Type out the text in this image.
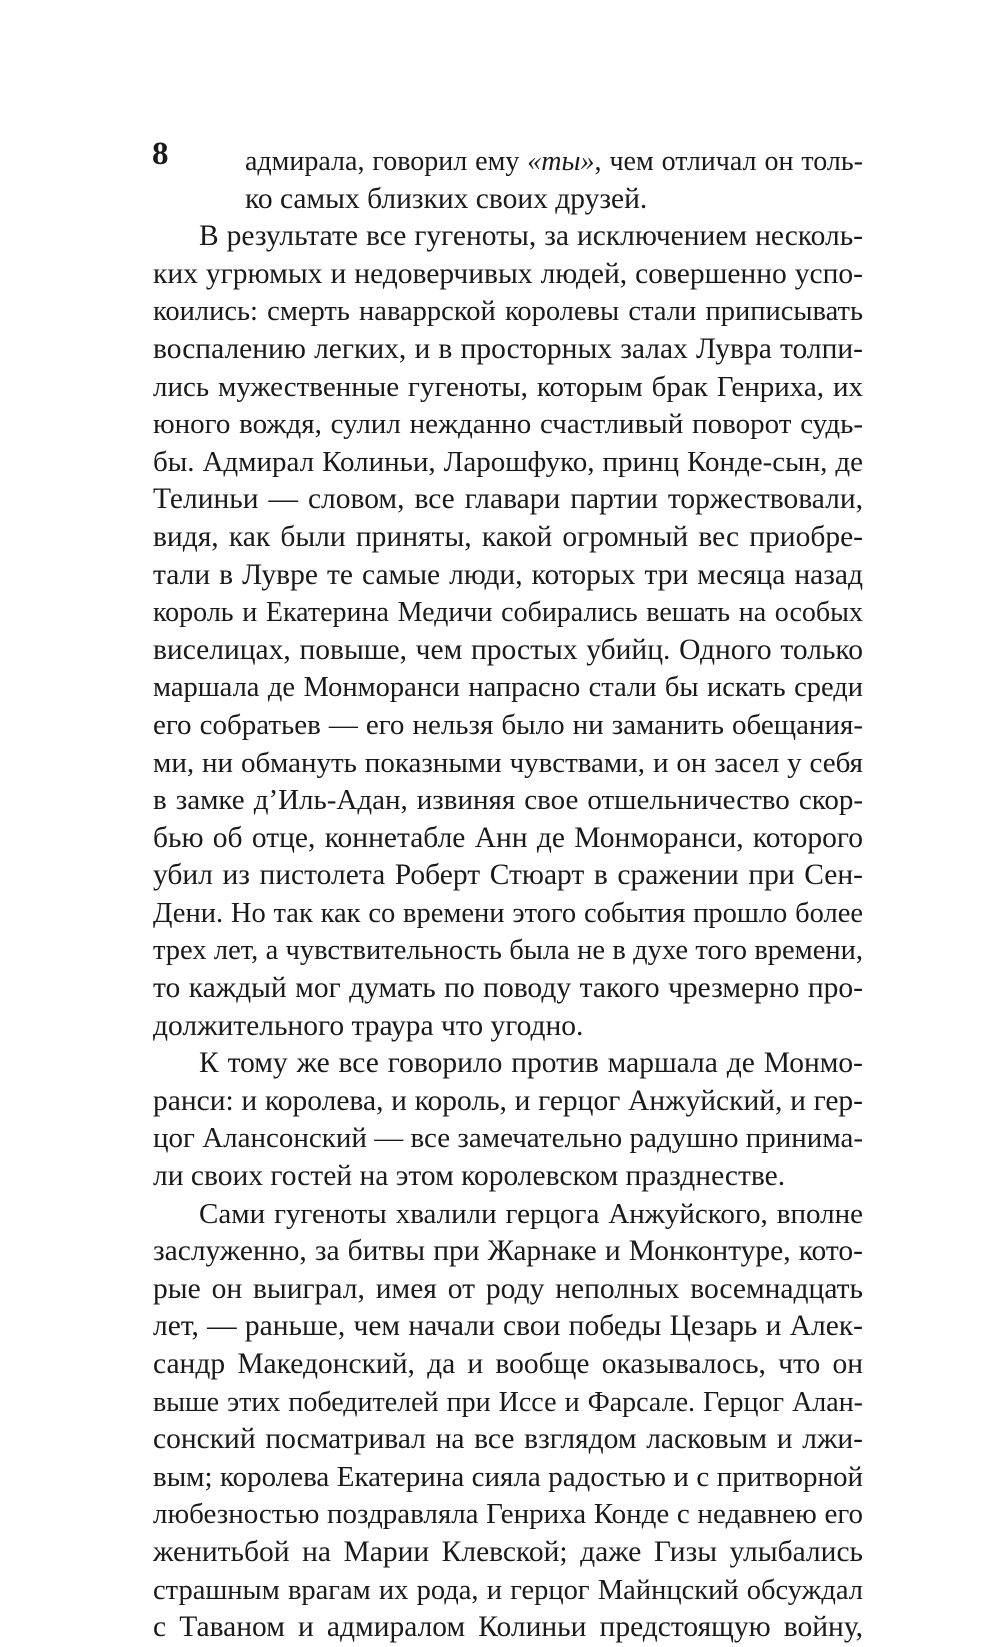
8	адмирала, говорил ему «ты», чем отличал он толь-
ко самых близких своих друзей.
В результате все гугеноты, за исключением несколь-
ких угрюмых и недоверчивых людей, совершенно успо-
коились: смерть наваррской королевы стали приписывать
воспалению легких, и в просторных залах Лувра толпи-
лись мужественные гугеноты, которым брак Генриха, их
юного вождя, сулил нежданно счастливый поворот судь-
бы. Адмирал Колиньи, Ларошфуко, принц Конде-сын, де
Телиньи — словом, все главари партии торжествовали,
видя, как были приняты, какой огромный вес приобре-
тали в Лувре те самые люди, которых три месяца назад
король и Екатерина Медичи собирались вешать на особых
виселицах, повыше, чем простых убийц. Одного только
маршала де Монморанси напрасно стали бы искать среди
его собратьев — его нельзя было ни заманить обещания-
ми, ни обмануть показными чувствами, и он засел у себя
в замке д’Иль-Адан, извиняя свое отшельничество скор-
бью об отце, коннетабле Анн де Монморанси, которого
убил из пистолета Роберт Стюарт в сражении при Сен-
Дени. Но так как со времени этого события прошло более
трех лет, а чувствительность была не в духе того времени,
то каждый мог думать по поводу такого чрезмерно про-
должительного траура что угодно.
К тому же все говорило против маршала де Монмо-
ранси: и королева, и король, и герцог Анжуйский, и гер-
цог Алансонский — все замечательно радушно принима-
ли своих гостей на этом королевском празднестве.
Сами гугеноты хвалили герцога Анжуйского, вполне
заслуженно, за битвы при Жарнаке и Монконтуре, кото-
рые он выиграл, имея от роду неполных восемнадцать
лет, — раньше, чем начали свои победы Цезарь и Алек-
сандр Македонский, да и вообще оказывалось, что он
выше этих победителей при Иссе и Фарсале. Герцог Алан-
сонский посматривал на все взглядом ласковым и лжи-
вым; королева Екатерина сияла радостью и с притворной
любезностью поздравляла Генриха Конде с недавнею его
женитьбой на Марии Клевской; даже Гизы улыбались
страшным врагам их рода, и герцог Майнцский обсуждал
с Таваном и адмиралом Колиньи предстоящую войну,
